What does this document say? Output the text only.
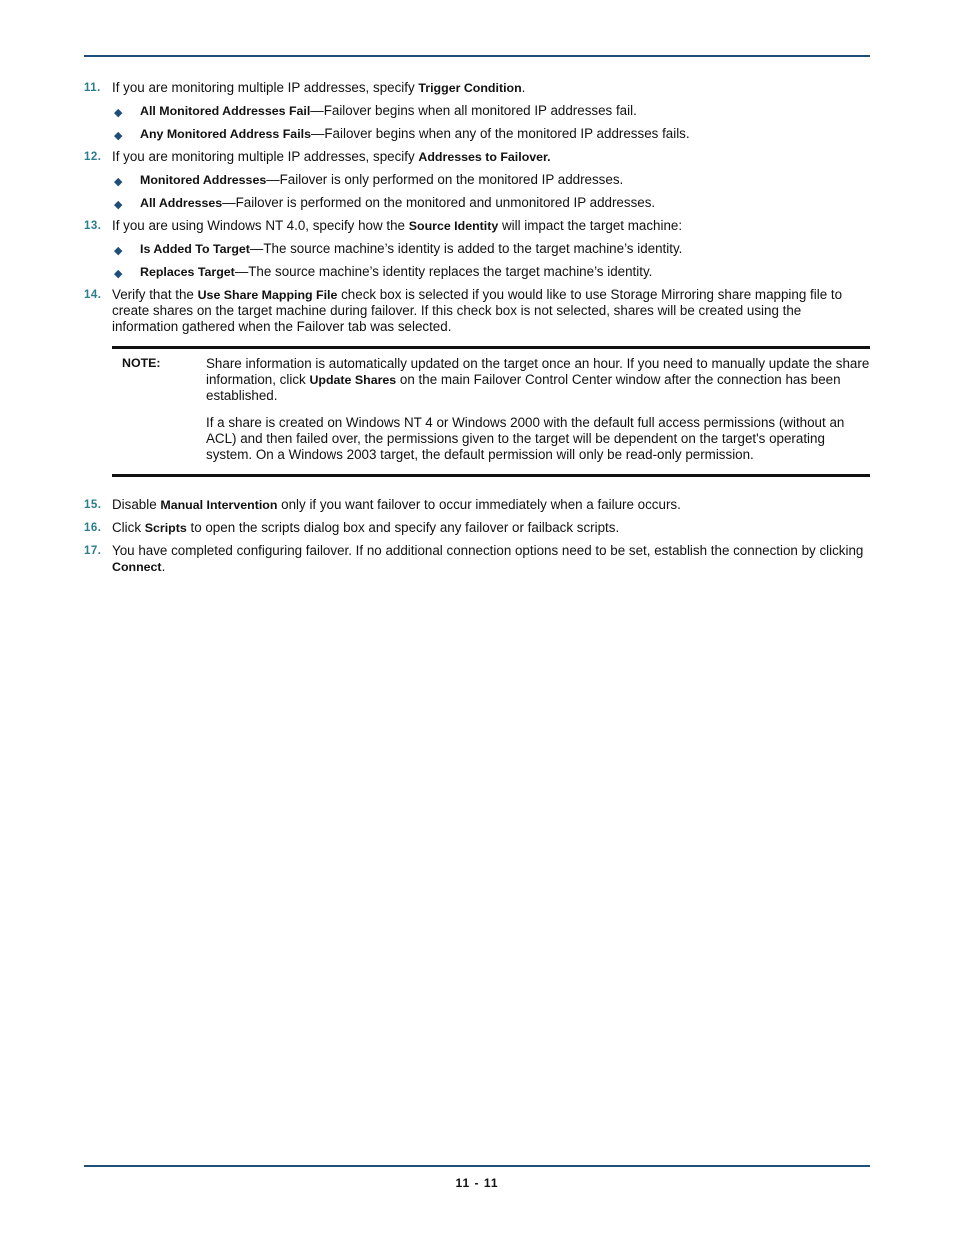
11. If you are monitoring multiple IP addresses, specify Trigger Condition.
◆ All Monitored Addresses Fail—Failover begins when all monitored IP addresses fail.
◆ Any Monitored Address Fails—Failover begins when any of the monitored IP addresses fails.
12. If you are monitoring multiple IP addresses, specify Addresses to Failover.
◆ Monitored Addresses—Failover is only performed on the monitored IP addresses.
◆ All Addresses—Failover is performed on the monitored and unmonitored IP addresses.
13. If you are using Windows NT 4.0, specify how the Source Identity will impact the target machine:
◆ Is Added To Target—The source machine’s identity is added to the target machine’s identity.
◆ Replaces Target—The source machine’s identity replaces the target machine’s identity.
14. Verify that the Use Share Mapping File check box is selected if you would like to use Storage Mirroring share mapping file to create shares on the target machine during failover. If this check box is not selected, shares will be created using the information gathered when the Failover tab was selected.
NOTE:	Share information is automatically updated on the target once an hour. If you need to manually update the share information, click Update Shares on the main Failover Control Center window after the connection has been established.

If a share is created on Windows NT 4 or Windows 2000 with the default full access permissions (without an ACL) and then failed over, the permissions given to the target will be dependent on the target's operating system. On a Windows 2003 target, the default permission will only be read-only permission.

15. Disable Manual Intervention only if you want failover to occur immediately when a failure occurs.
16. Click Scripts to open the scripts dialog box and specify any failover or failback scripts.
17. You have completed configuring failover. If no additional connection options need to be set, establish the connection by clicking Connect.
11 - 11
